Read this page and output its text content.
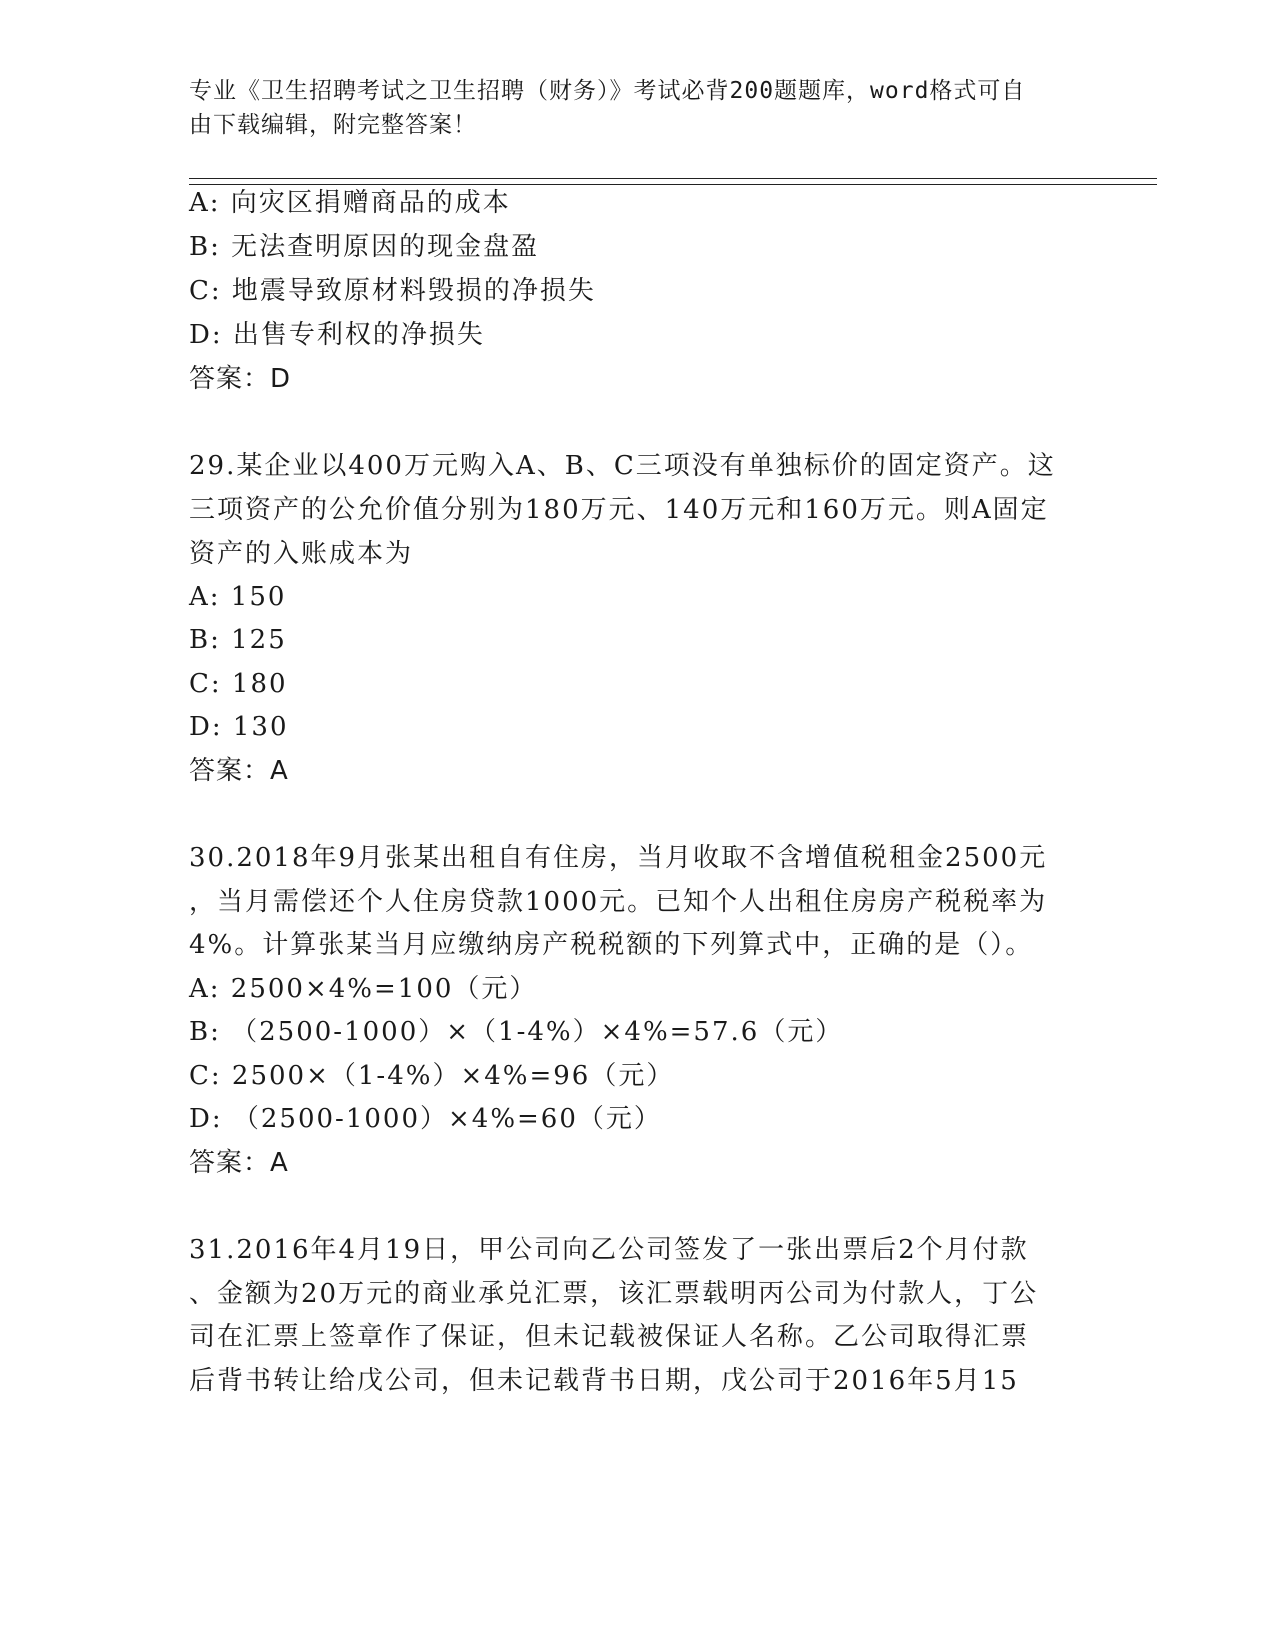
专业《卫生招聘考试之卫生招聘（财务）》考试必背200题题库，word格式可自
由下载编辑，附完整答案！
A: 向灾区捐赠商品的成本
B: 无法查明原因的现金盘盈
C: 地震导致原材料毁损的净损失
D: 出售专利权的净损失
答案：D
29.某企业以400万元购入A、B、C三项没有单独标价的固定资产。这
三项资产的公允价值分别为180万元、140万元和160万元。则A固定
资产的入账成本为
A: 150
B: 125
C: 180
D: 130
答案：A
30.2018年9月张某出租自有住房，当月收取不含增值税租金2500元
，当月需偿还个人住房贷款1000元。已知个人出租住房房产税税率为
4%。计算张某当月应缴纳房产税税额的下列算式中，正确的是（）。
A: 2500×4%=100（元）
B: （2500-1000）×（1-4%）×4%=57.6（元）
C: 2500×（1-4%）×4%=96（元）
D: （2500-1000）×4%=60（元）
答案：A
31.2016年4月19日，甲公司向乙公司签发了一张出票后2个月付款
、金额为20万元的商业承兑汇票，该汇票载明丙公司为付款人，丁公
司在汇票上签章作了保证，但未记载被保证人名称。乙公司取得汇票
后背书转让给戊公司，但未记载背书日期，戊公司于2016年5月15
